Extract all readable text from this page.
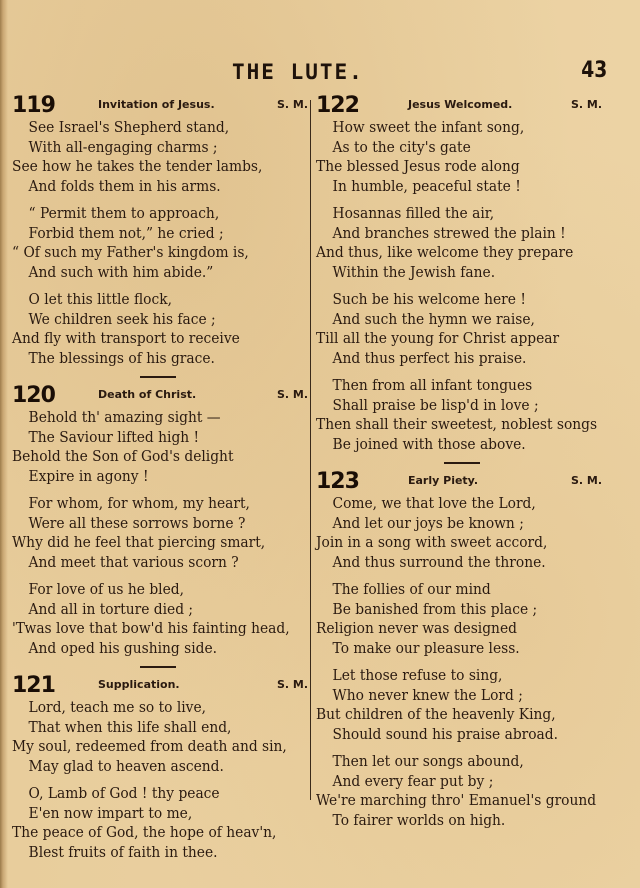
THE LUTE.	43
119	Invitation of Jesus.	S. M.
See Israel's Shepherd stand,
With all-engaging charms ;
See how he takes the tender lambs,
And folds them in his arms.
“ Permit them to approach,
Forbid them not,” he cried ;
“ Of such my Father's kingdom is,
And such with him abide.”
O let this little flock,
We children seek his face ;
And fly with transport to receive
The blessings of his grace.
120	Death of Christ.	S. M.
Behold th' amazing sight —
The Saviour lifted high !
Behold the Son of God's delight
Expire in agony !
For whom, for whom, my heart,
Were all these sorrows borne ?
Why did he feel that piercing smart,
And meet that various scorn ?
For love of us he bled,
And all in torture died ;
'Twas love that bow'd his fainting head,
And oped his gushing side.
121	Supplication.	S. M.
Lord, teach me so to live,
That when this life shall end,
My soul, redeemed from death and sin,
May glad to heaven ascend.
O, Lamb of God ! thy peace
E'en now impart to me,
The peace of God, the hope of heav'n,
Blest fruits of faith in thee.
122	Jesus Welcomed.	S. M.
How sweet the infant song,
As to the city's gate
The blessed Jesus rode along
In humble, peaceful state !
Hosannas filled the air,
And branches strewed the plain !
And thus, like welcome they prepare
Within the Jewish fane.
Such be his welcome here !
And such the hymn we raise,
Till all the young for Christ appear
And thus perfect his praise.
Then from all infant tongues
Shall praise be lisp'd in love ;
Then shall their sweetest, noblest songs
Be joined with those above.
123	Early Piety.	S. M.
Come, we that love the Lord,
And let our joys be known ;
Join in a song with sweet accord,
And thus surround the throne.
The follies of our mind
Be banished from this place ;
Religion never was designed
To make our pleasure less.
Let those refuse to sing,
Who never knew the Lord ;
But children of the heavenly King,
Should sound his praise abroad.
Then let our songs abound,
And every fear put by ;
We're marching thro' Emanuel's ground
To fairer worlds on high.
